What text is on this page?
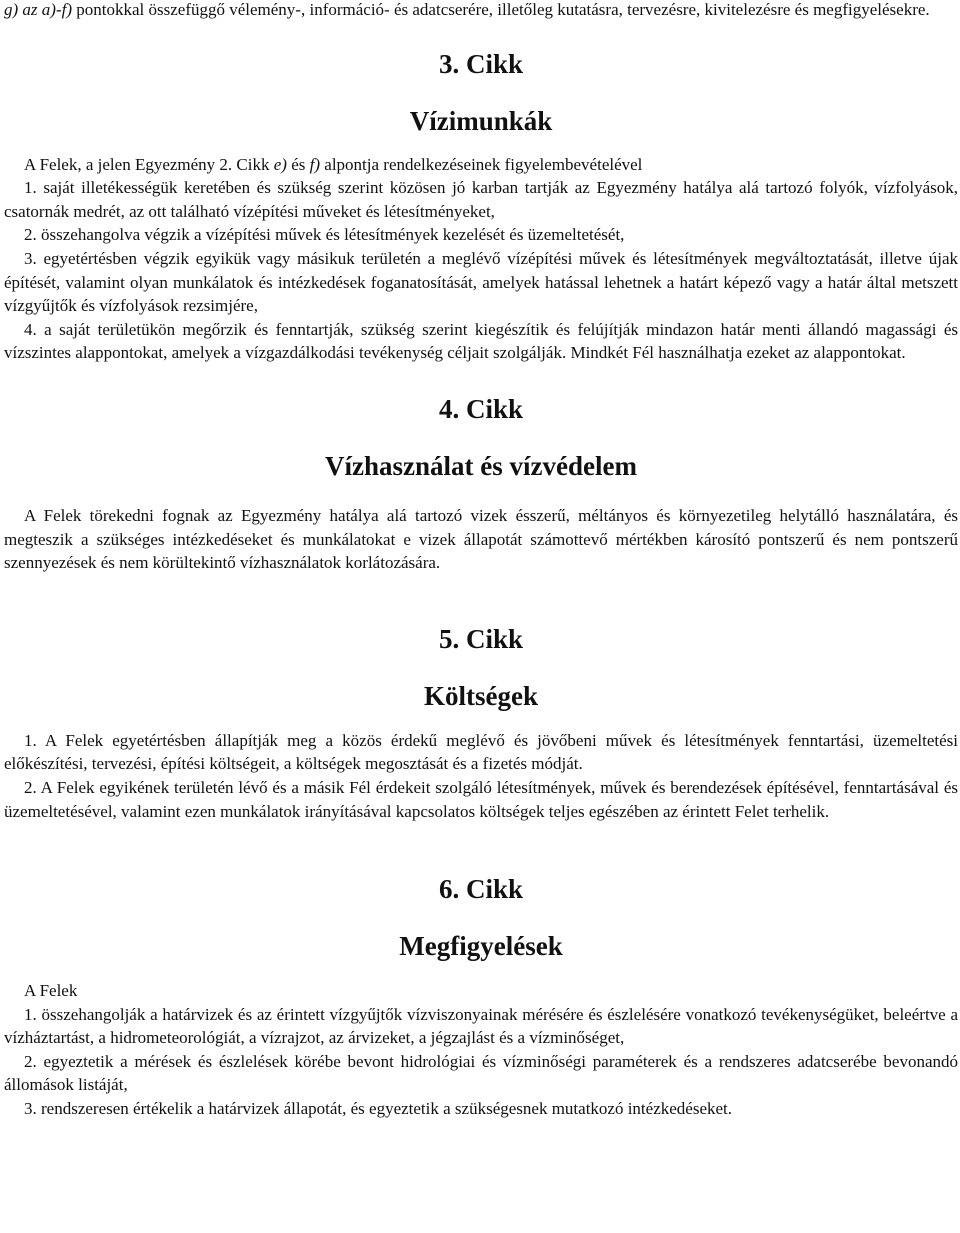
g) az a)-f) pontokkal összefüggő vélemény-, információ- és adatcserére, illetőleg kutatásra, tervezésre, kivitelezésre és megfigyelésekre.

3. Cikk
Vízimunkák

A Felek, a jelen Egyezmény 2. Cikk e) és f) alpontja rendelkezéseinek figyelembevételével

1. saját illetékességük keretében és szükség szerint közösen jó karban tartják az Egyezmény hatálya alá tartozó folyók, vízfolyások, csatornák medrét, az ott található vízépítési műveket és létesítményeket,

2. összehangolva végzik a vízépítési művek és létesítmények kezelését és üzemeltetését,

3. egyetértésben végzik egyikük vagy másikuk területén a meglévő vízépítési művek és létesítmények megváltoztatását, illetve újak építését, valamint olyan munkálatok és intézkedések foganatosítását, amelyek hatással lehetnek a határt képező vagy a határ által metszett vízgyűjtők és vízfolyások rezsimjére,

4. a saját területükön megőrzik és fenntartják, szükség szerint kiegészítik és felújítják mindazon határ menti állandó magassági és vízszintes alappontokat, amelyek a vízgazdálkodási tevékenység céljait szolgálják. Mindkét Fél használhatja ezeket az alappontokat.

4. Cikk
Vízhasználat és vízvédelem

A Felek törekedni fognak az Egyezmény hatálya alá tartozó vizek ésszerű, méltányos és környezetileg helytálló használatára, és megteszik a szükséges intézkedéseket és munkálatokat e vizek állapotát számottevő mértékben károsító pontszerű és nem pontszerű szennyezések és nem körültekintő vízhasználatok korlátozására.

5. Cikk
Költségek

1. A Felek egyetértésben állapítják meg a közös érdekű meglévő és jövőbeni művek és létesítmények fenntartási, üzemeltetési előkészítési, tervezési, építési költségeit, a költségek megosztását és a fizetés módját.

2. A Felek egyikének területén lévő és a másik Fél érdekeit szolgáló létesítmények, művek és berendezések építésével, fenntartásával és üzemeltetésével, valamint ezen munkálatok irányításával kapcsolatos költségek teljes egészében az érintett Felet terhelik.

6. Cikk
Megfigyelések

A Felek

1. összehangolják a határvizek és az érintett vízgyűjtők vízviszonyainak mérésére és észlelésére vonatkozó tevékenységüket, beleértve a vízháztartást, a hidrometeorológiát, a vízrajzot, az árvizeket, a jégzajlást és a vízminőséget,

2. egyeztetik a mérések és észlelések körébe bevont hidrológiai és vízminőségi paraméterek és a rendszeres adatcserébe bevonandó állomások listáját,

3. rendszeresen értékelik a határvizek állapotát, és egyeztetik a szükségesnek mutatkozó intézkedéseket.
